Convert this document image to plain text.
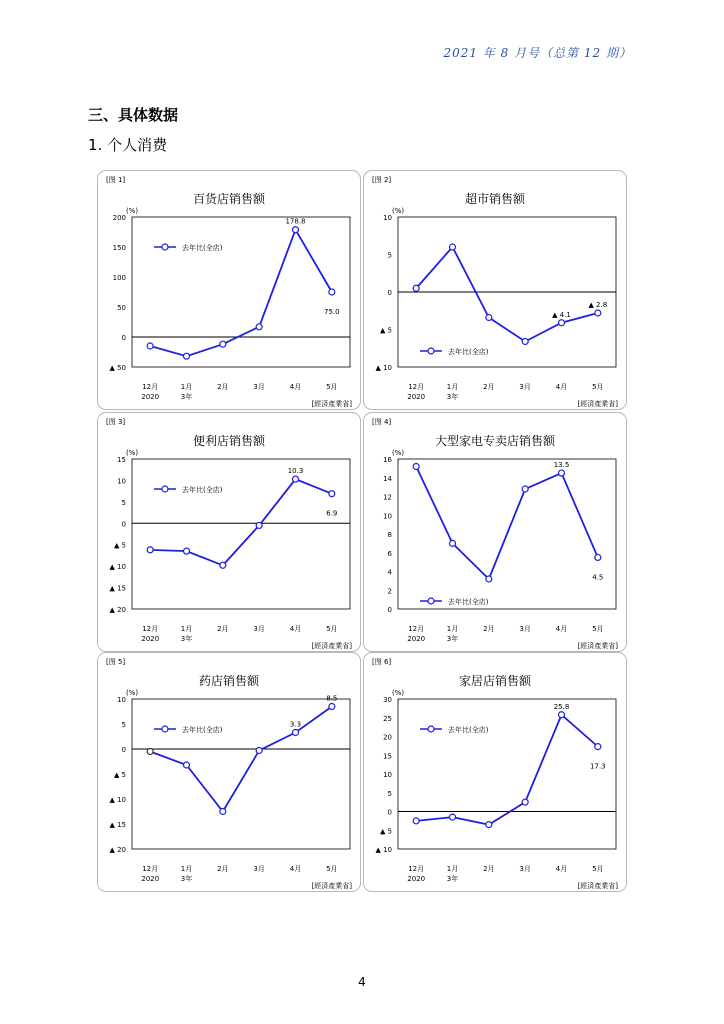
2021 年 8 月号（总第 12 期）
三、具体数据
1. 个人消费
[图 1]
百货店销售额
(%)
200
150
100
50
0
▲ 50
12月
2020
1月
3年
2月	3月	4月	5月
178.8
75.0
去年比(全店)
[經済產業省]
[图 2]
超市销售额
(%)
10
5
0
▲ 5
▲ 10
12月
2020
1月
3年
2月	3月	4月	5月
▲ 4.1
▲ 2.8
去年比(全店)
[經済產業省]
[图 3]
便利店销售额
(%)
15
10
5
0
▲ 5
▲ 10
▲ 15
▲ 20
12月
2020
1月
3年
2月	3月	4月	5月
10.3
6.9
去年比(全店)
[經済產業省]
[图 4]
大型家电专卖店销售额
(%)
16
14
12
10
8
6
4
2
0
12月
2020
1月
3年
2月	3月	4月	5月
13.5
4.5
去年比(全店)
[經済產業省]
[图 5]
药店销售额
(%)
10
5
0
▲ 5
▲ 10
▲ 15
▲ 20
12月
2020
1月
3年
2月	3月	4月	5月
3.3
8.5
去年比(全店)
[經済產業省]
[图 6]
家居店销售额
(%)
30
25
20
15
10
5
0
▲ 5
▲ 10
12月
2020
1月
3年
2月	3月	4月	5月
25.8
17.3
去年比(全店)
[經済產業省]
4
